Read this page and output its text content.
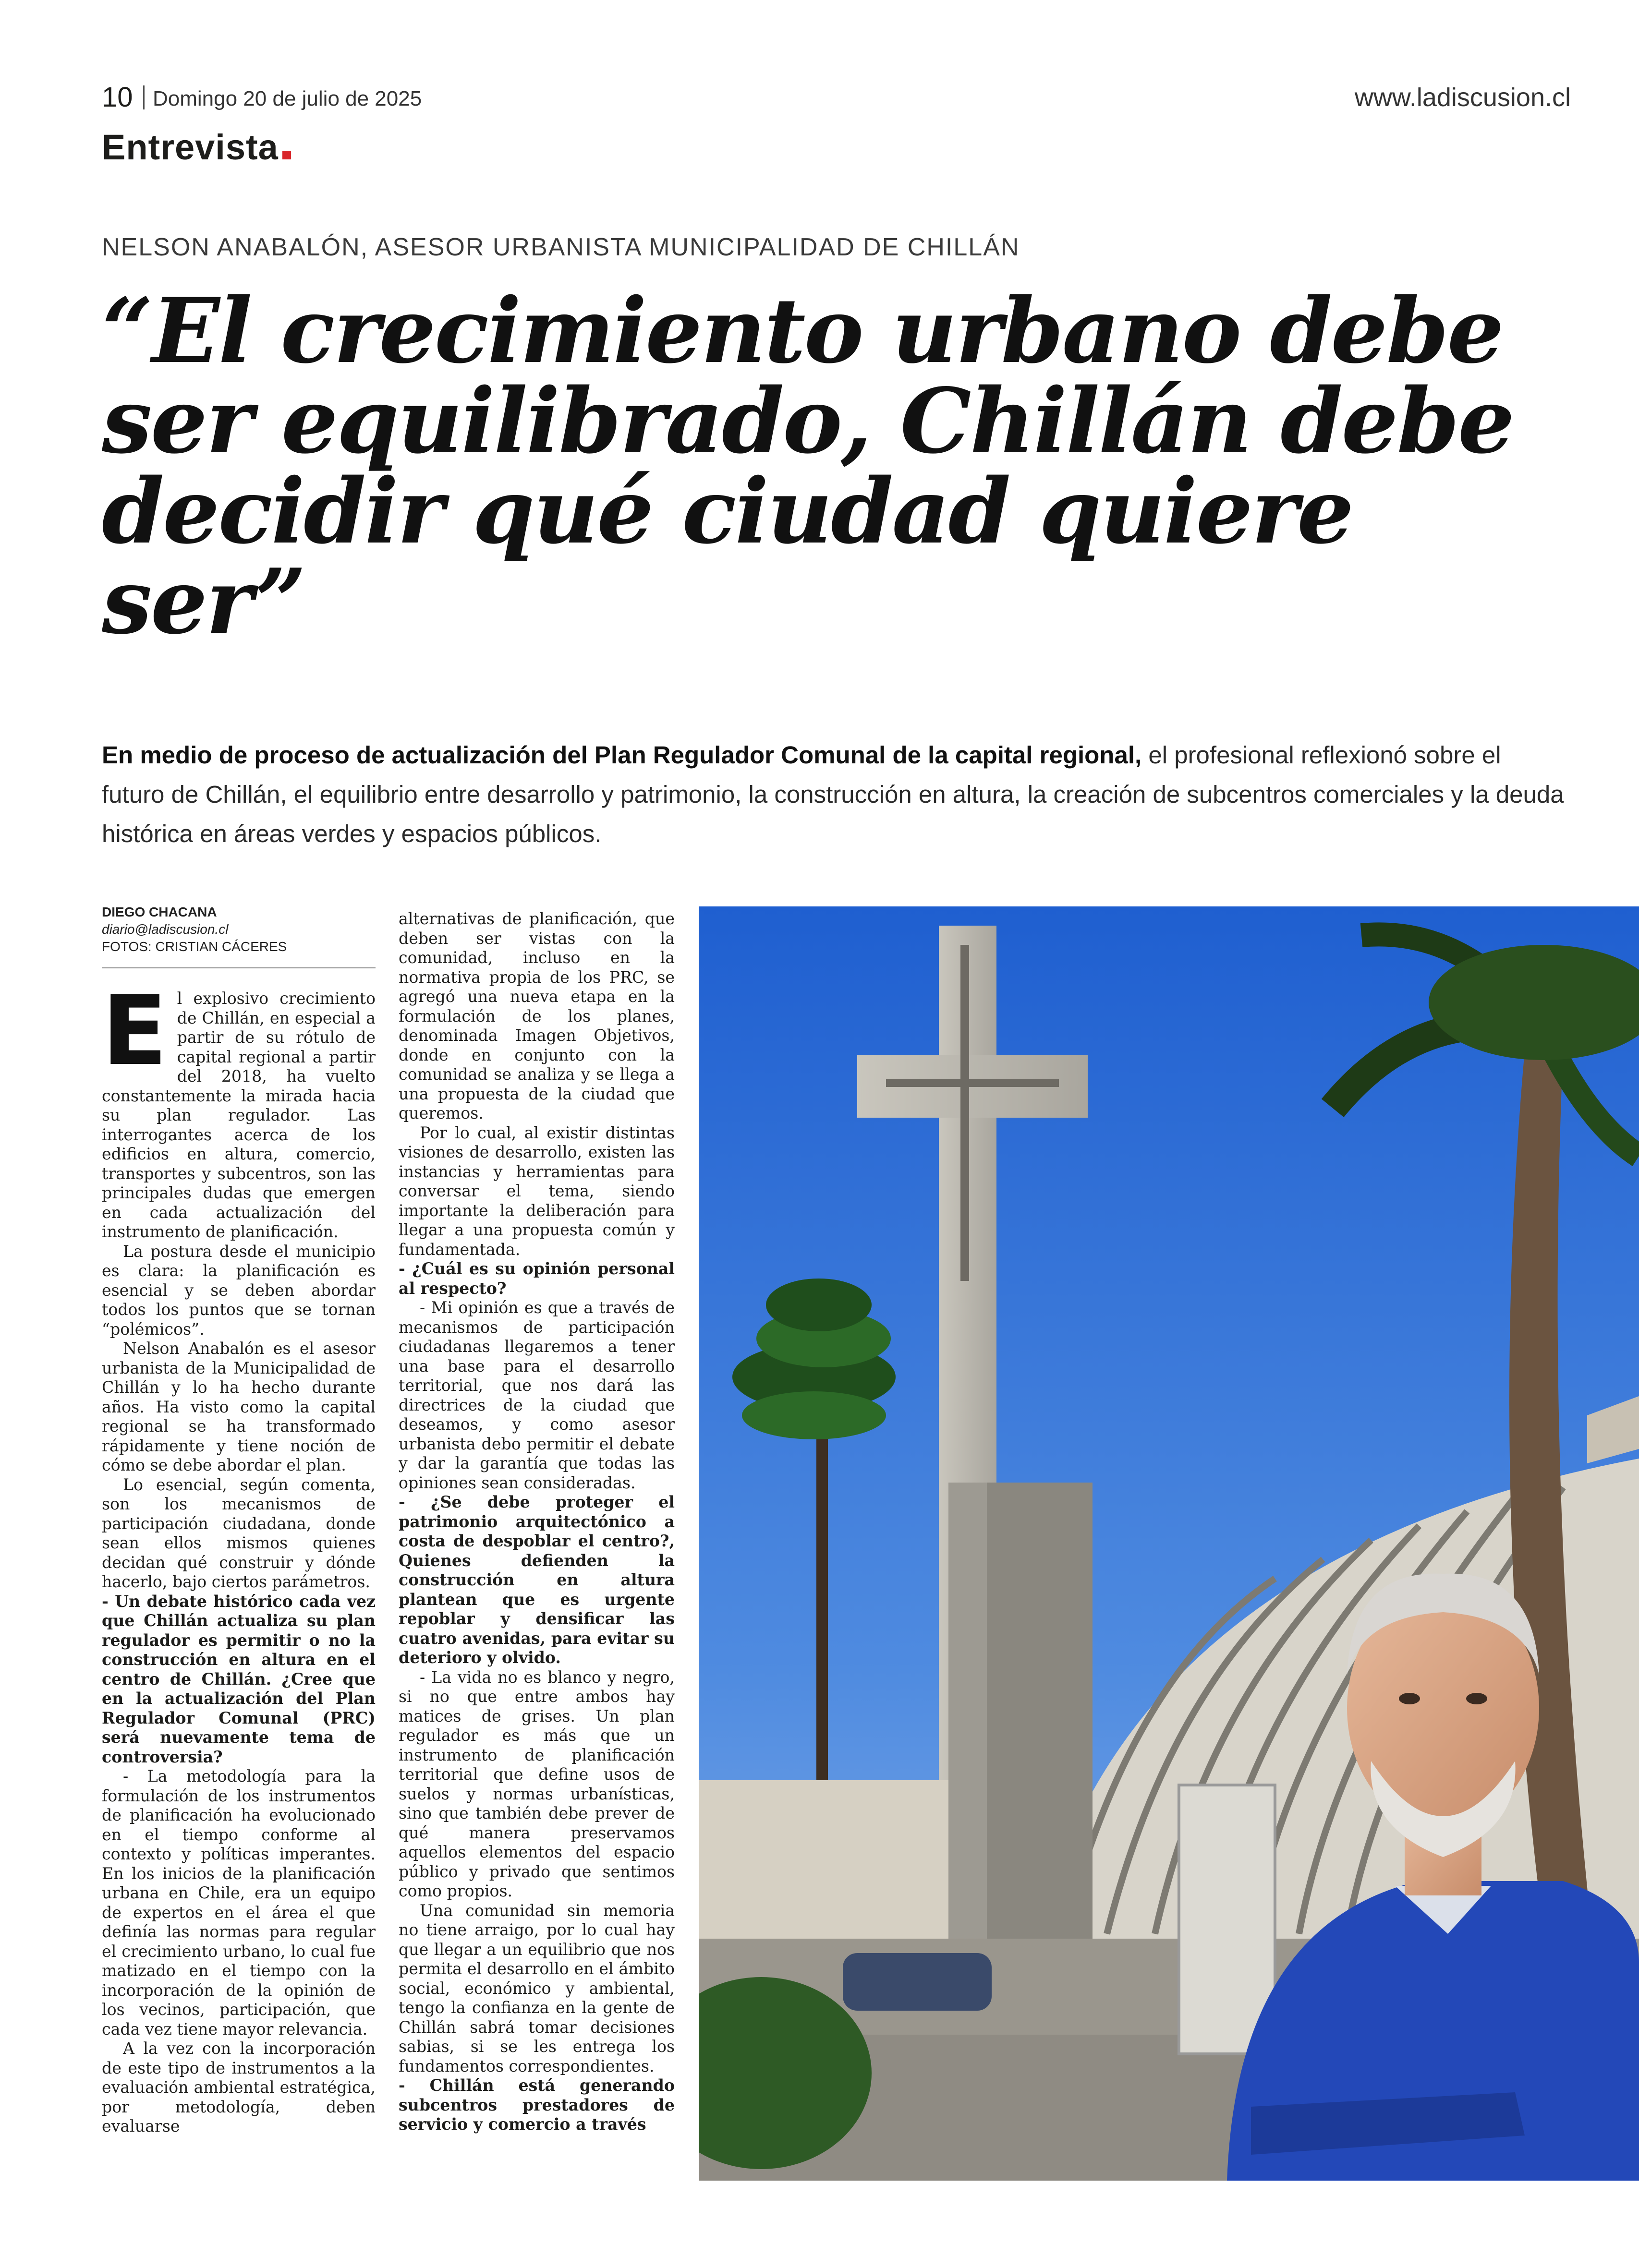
10 Domingo 20 de julio de 2025	www.ladiscusion.cl
Entrevista
NELSON ANABALÓN, ASESOR URBANISTA MUNICIPALIDAD DE CHILLÁN
“El crecimiento urbano debe ser equilibrado, Chillán debe decidir qué ciudad quiere ser”
En medio de proceso de actualización del Plan Regulador Comunal de la capital regional, el profesional reflexionó sobre el futuro de Chillán, el equilibrio entre desarrollo y patrimonio, la construcción en altura, la creación de subcentros comerciales y la deuda histórica en áreas verdes y espacios públicos.
DIEGO CHACANA
diario@ladiscusion.cl
FOTOS: CRISTIAN CÁCERES
E l explosivo crecimiento de Chillán, en especial a partir de su rótulo de capital regional a partir del 2018, ha vuelto constantemente la mirada hacia su plan regulador. Las interrogantes acerca de los edificios en altura, comercio, transportes y subcentros, son las principales dudas que emergen en cada actualización del instrumento de planificación.

La postura desde el municipio es clara: la planificación es esencial y se deben abordar todos los puntos que se tornan “polémicos”.

Nelson Anabalón es el asesor urbanista de la Municipalidad de Chillán y lo ha hecho durante años. Ha visto como la capital regional se ha transformado rápidamente y tiene noción de cómo se debe abordar el plan.

Lo esencial, según comenta, son los mecanismos de participación ciudadana, donde sean ellos mismos quienes decidan qué construir y dónde hacerlo, bajo ciertos parámetros.

- Un debate histórico cada vez que Chillán actualiza su plan regulador es permitir o no la construcción en altura en el centro de Chillán. ¿Cree que en la actualización del Plan Regulador Comunal (PRC) será nuevamente tema de controversia?

- La metodología para la formulación de los instrumentos de planificación ha evolucionado en el tiempo conforme al contexto y políticas imperantes. En los inicios de la planificación urbana en Chile, era un equipo de expertos en el área el que definía las normas para regular el crecimiento urbano, lo cual fue matizado en el tiempo con la incorporación de la opinión de los vecinos, participación, que cada vez tiene mayor relevancia.

A la vez con la incorporación de este tipo de instrumentos a la evaluación ambiental estratégica, por metodología, deben evaluarse

alternativas de planificación, que deben ser vistas con la comunidad, incluso en la normativa propia de los PRC, se agregó una nueva etapa en la formulación de los planes, denominada Imagen Objetivos, donde en conjunto con la comunidad se analiza y se llega a una propuesta de la ciudad que queremos.

Por lo cual, al existir distintas visiones de desarrollo, existen las instancias y herramientas para conversar el tema, siendo importante la deliberación para llegar a una propuesta común y fundamentada.

- ¿Cuál es su opinión personal al respecto?

- Mi opinión es que a través de mecanismos de participación ciudadanas llegaremos a tener una base para el desarrollo territorial, que nos dará las directrices de la ciudad que deseamos, y como asesor urbanista debo permitir el debate y dar la garantía que todas las opiniones sean consideradas.

- ¿Se debe proteger el patrimonio arquitectónico a costa de despoblar el centro?, Quienes defienden la construcción en altura plantean que es urgente repoblar y densificar las cuatro avenidas, para evitar su deterioro y olvido.

- La vida no es blanco y negro, si no que entre ambos hay matices de grises. Un plan regulador es más que un instrumento de planificación territorial que define usos de suelos y normas urbanísticas, sino que también debe prever de qué manera preservamos aquellos elementos del espacio público y privado que sentimos como propios.

Una comunidad sin memoria no tiene arraigo, por lo cual hay que llegar a un equilibrio que nos permita el desarrollo en el ámbito social, económico y ambiental, tengo la confianza en la gente de Chillán sabrá tomar decisiones sabias, si se les entrega los fundamentos correspondientes.

- Chillán está generando subcentros prestadores de servicio y comercio a través
